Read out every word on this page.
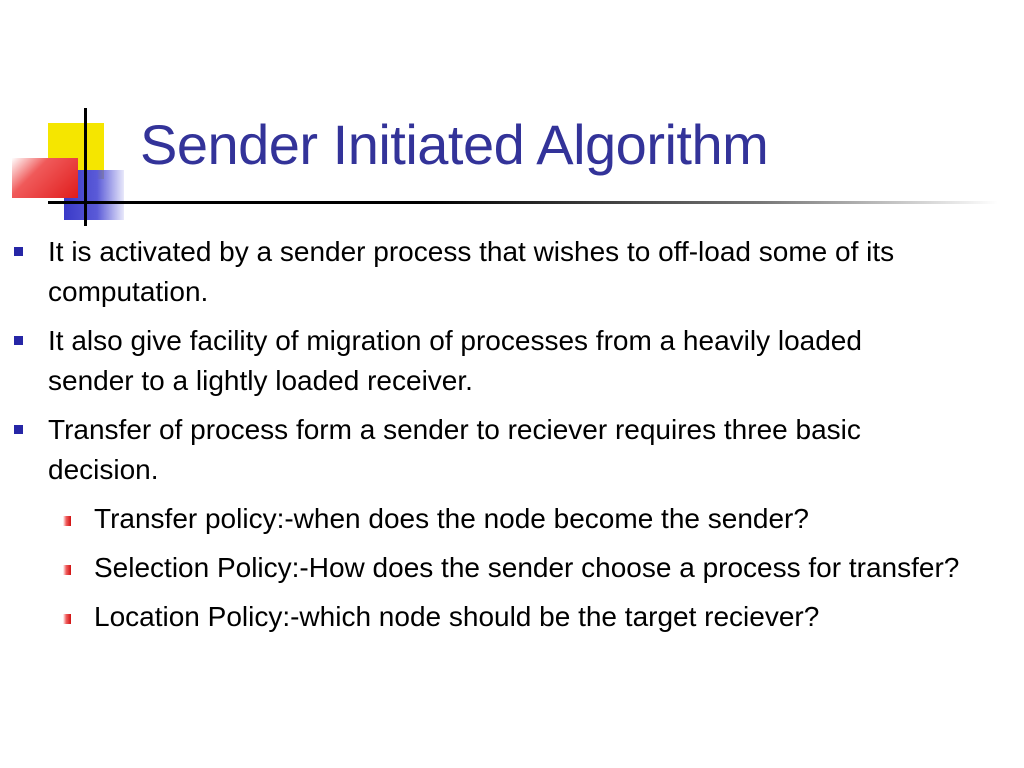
Sender Initiated Algorithm
It is activated by a sender process that wishes to off-load some of its computation.
It also give facility of migration of processes from a heavily loaded sender to a lightly loaded receiver.
Transfer of process form a sender to reciever requires three basic decision.
Transfer policy:-when does the node become the sender?
Selection Policy:-How does the sender choose a process for transfer?
Location Policy:-which node should be the target reciever?
